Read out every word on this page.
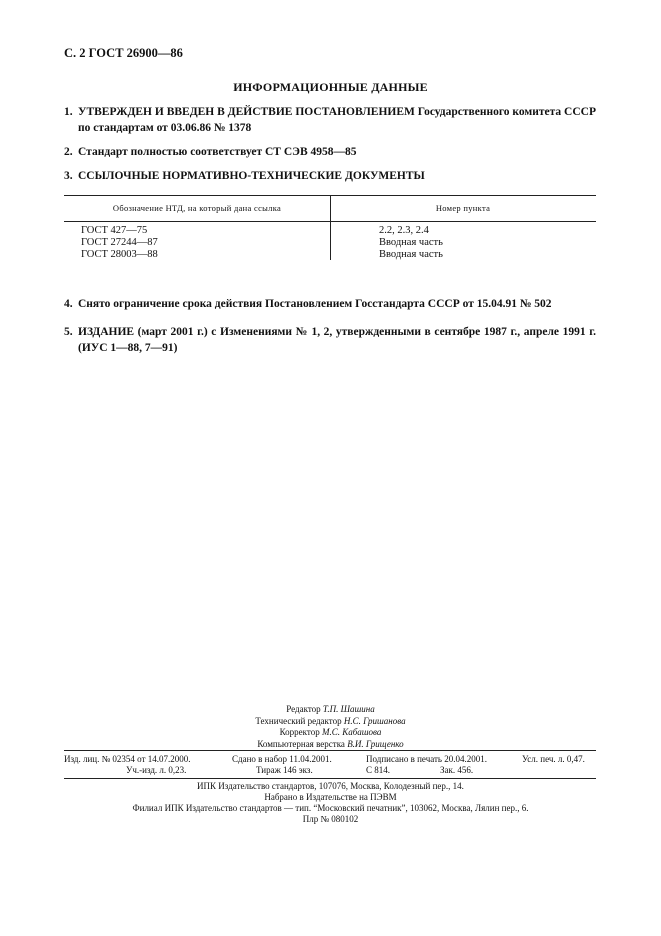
С. 2 ГОСТ 26900—86
ИНФОРМАЦИОННЫЕ ДАННЫЕ
1. УТВЕРЖДЕН И ВВЕДЕН В ДЕЙСТВИЕ ПОСТАНОВЛЕНИЕМ Государственного комитета СССР по стандартам от 03.06.86 № 1378
2. Стандарт полностью соответствует СТ СЭВ 4958—85
3. ССЫЛОЧНЫЕ НОРМАТИВНО-ТЕХНИЧЕСКИЕ ДОКУМЕНТЫ
Обозначение НТД, на который дана ссылка	Номер пункта
ГОСТ 427—75	2.2, 2.3, 2.4
ГОСТ 27244—87	Вводная часть
ГОСТ 28003—88	Вводная часть
4. Снято ограничение срока действия Постановлением Госстандарта СССР от 15.04.91 № 502
5. ИЗДАНИЕ (март 2001 г.) с Изменениями № 1, 2, утвержденными в сентябре 1987 г., апреле 1991 г. (ИУС 1—88, 7—91)
Редактор Т.П. Шашина
Технический редактор Н.С. Гришанова
Корректор М.С. Кабашова
Компьютерная верстка В.И. Грищенко
Изд. лиц. № 02354 от 14.07.2000.	Сдано в набор 11.04.2001.	Подписано в печать 20.04.2001.	Усл. печ. л. 0,47.
Уч.-изд. л. 0,23.	Тираж 146 экз.	С 814.	Зак. 456.
ИПК Издательство стандартов, 107076, Москва, Колодезный пер., 14.
Набрано в Издательстве на ПЭВМ
Филиал ИПК Издательство стандартов — тип. “Московский печатник”, 103062, Москва, Лялин пер., 6.
Плр № 080102
